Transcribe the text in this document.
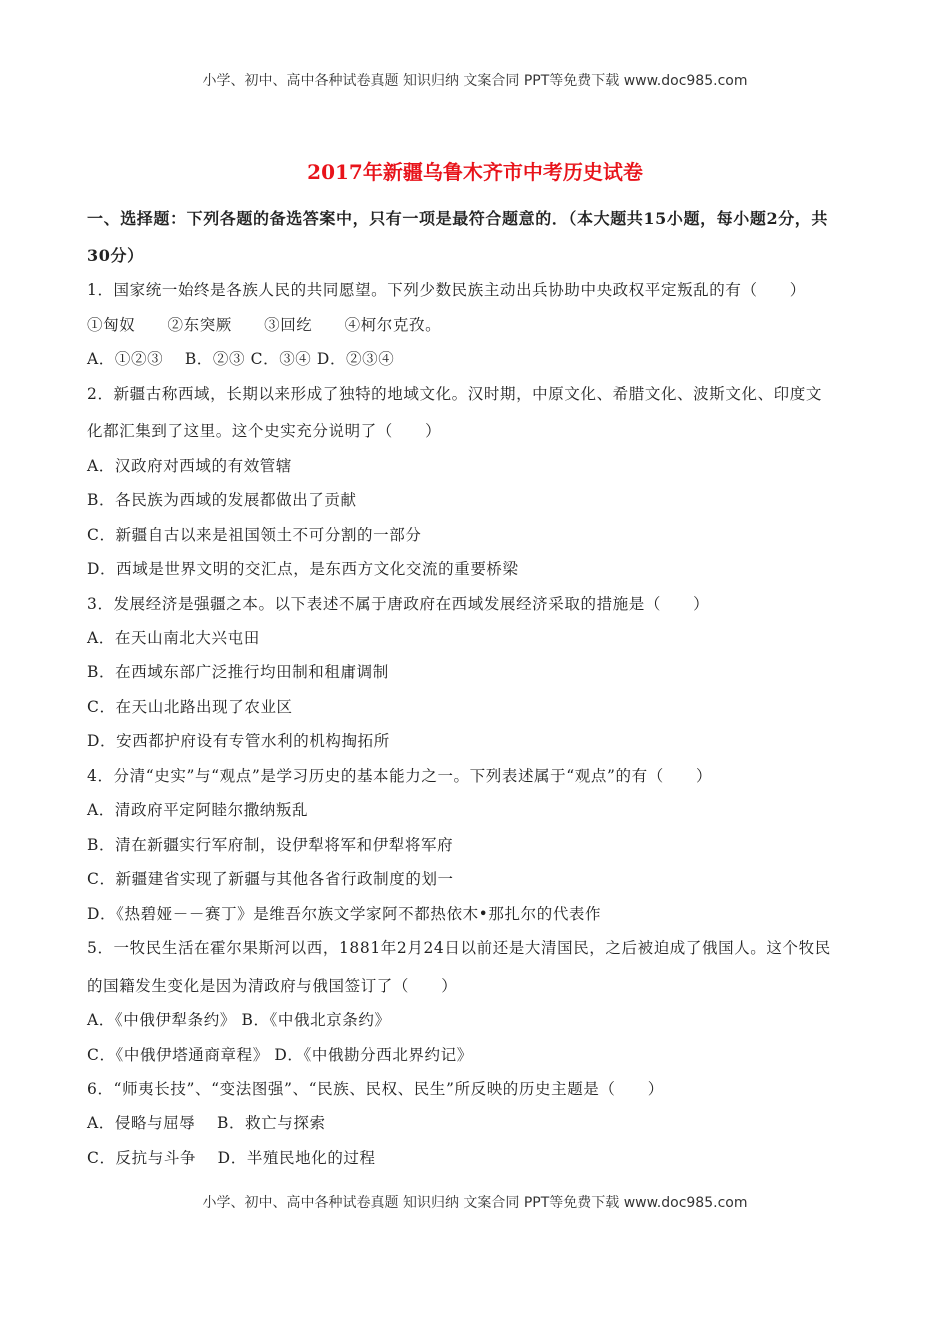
小学、初中、高中各种试卷真题 知识归纳 文案合同 PPT等免费下载 www.doc985.com
2017年新疆乌鲁木齐市中考历史试卷
一、选择题：下列各题的备选答案中，只有一项是最符合题意的．（本大题共15小题，每小题2分，共
30分）
1．国家统一始终是各族人民的共同愿望。下列少数民族主动出兵协助中央政权平定叛乱的有（　　）
①匈奴　　②东突厥　　③回纥　　④柯尔克孜。
A．①②③　 B．②③ C．③④ D．②③④
2．新疆古称西域，长期以来形成了独特的地域文化。汉时期，中原文化、希腊文化、波斯文化、印度文
化都汇集到了这里。这个史实充分说明了（　　）
A．汉政府对西域的有效管辖
B．各民族为西域的发展都做出了贡献
C．新疆自古以来是祖国领土不可分割的一部分
D．西域是世界文明的交汇点，是东西方文化交流的重要桥梁
3．发展经济是强疆之本。以下表述不属于唐政府在西域发展经济采取的措施是（　　）
A．在天山南北大兴屯田
B．在西域东部广泛推行均田制和租庸调制
C．在天山北路出现了农业区
D．安西都护府设有专管水利的机构掏拓所
4．分清“史实”与“观点”是学习历史的基本能力之一。下列表述属于“观点”的有（　　）
A．清政府平定阿睦尔撒纳叛乱
B．清在新疆实行军府制，设伊犁将军和伊犁将军府
C．新疆建省实现了新疆与其他各省行政制度的划一
D．《热碧娅－－赛丁》是维吾尔族文学家阿不都热依木•那扎尔的代表作
5．一牧民生活在霍尔果斯河以西，1881年2月24日以前还是大清国民，之后被迫成了俄国人。这个牧民
的国籍发生变化是因为清政府与俄国签订了（　　）
A．《中俄伊犁条约》 B．《中俄北京条约》
C．《中俄伊塔通商章程》 D．《中俄勘分西北界约记》
6．“师夷长技”、“变法图强”、“民族、民权、民生”所反映的历史主题是（　　）
A．侵略与屈辱　 B．救亡与探索
C．反抗与斗争　 D．半殖民地化的过程
小学、初中、高中各种试卷真题 知识归纳 文案合同 PPT等免费下载 www.doc985.com
